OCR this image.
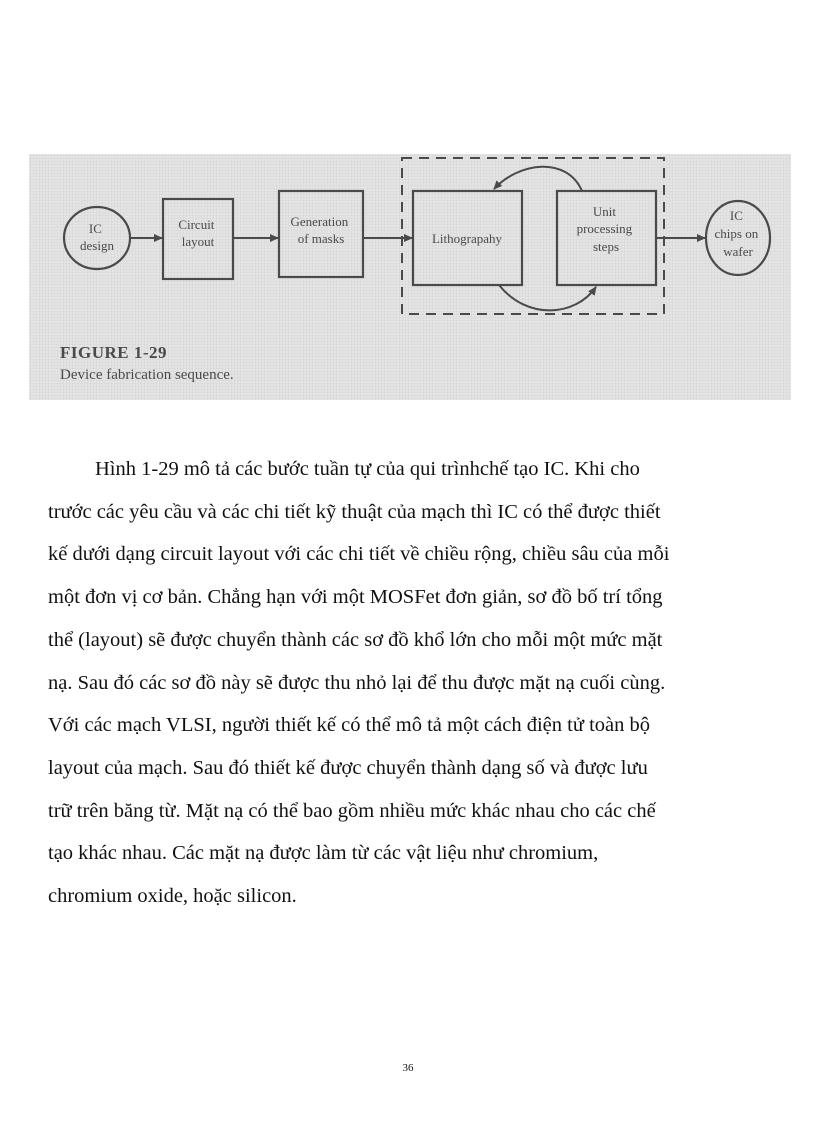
IC design
Circuit layout
Generation of masks	Lithograpahy
Unit processing steps
IC chips on wafer
FIGURE 1-29
Device fabrication sequence.

Hình 1-29 mô tả các bước tuần tự của qui trìnhchế tạo IC. Khi cho
trước các yêu cầu và các chi tiết kỹ thuật của mạch thì IC có thể được thiết
kế dưới dạng circuit layout với các chi tiết về chiều rộng, chiều sâu của mỗi
một đơn vị cơ bản. Chẳng hạn với một MOSFet đơn giản, sơ đồ bố trí tổng
thể (layout) sẽ được chuyển thành các sơ đồ khổ lớn cho mỗi một mức mặt
nạ. Sau đó các sơ đồ này sẽ được thu nhỏ lại để thu được mặt nạ cuối cùng.
Với các mạch VLSI, người thiết kế có thể mô tả một cách điện tử toàn bộ
layout của mạch. Sau đó thiết kế được chuyển thành dạng số và được lưu
trữ trên băng từ. Mặt nạ có thể bao gồm nhiều mức khác nhau cho các chế
tạo khác nhau. Các mặt nạ được làm từ các vật liệu như chromium,
chromium oxide, hoặc silicon.

36
